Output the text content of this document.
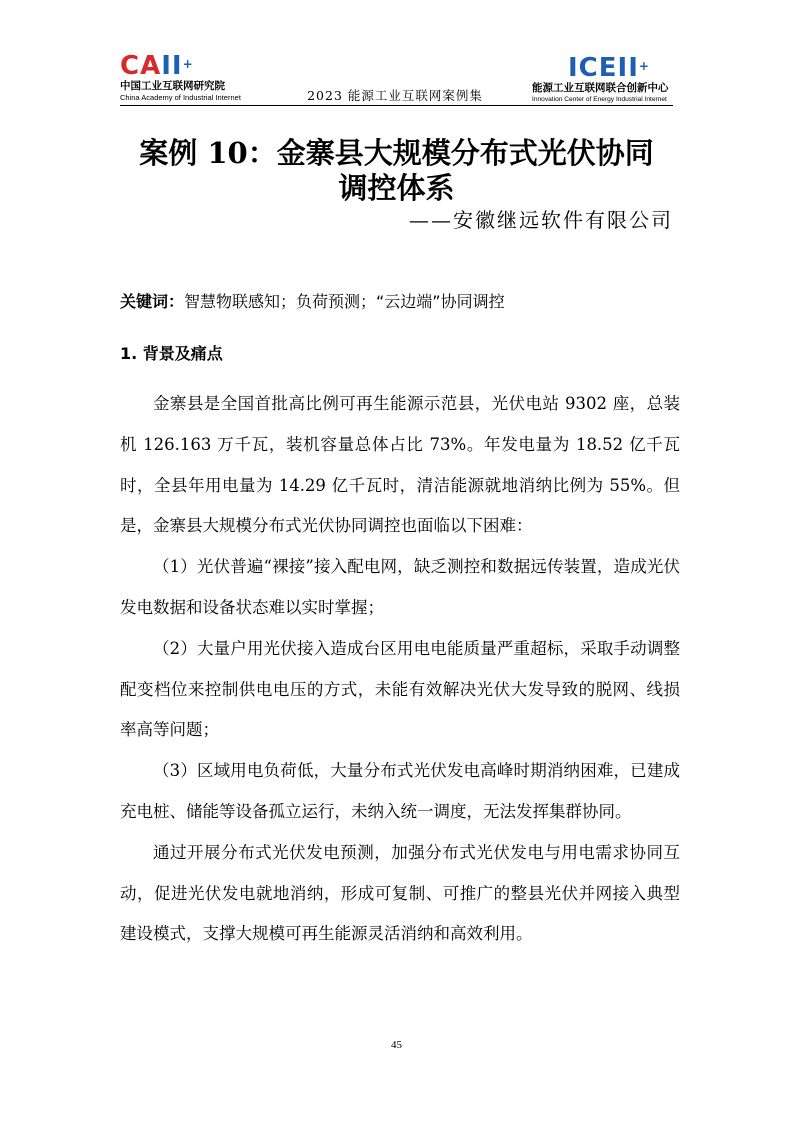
CAII+
中国工业互联网研究院
China Academy of Industrial Internet	2023 能源工业互联网案例集
ICEII+
能源工业互联网联合创新中心
Innovation Center of Energy Industrial Internet
案例 10：金寨县大规模分布式光伏协同
调控体系
——安徽继远软件有限公司
关键词：智慧物联感知；负荷预测；“云边端”协同调控
1. 背景及痛点

金寨县是全国首批高比例可再生能源示范县，光伏电站 9302 座，总装机 126.163 万千瓦，装机容量总体占比 73%。年发电量为 18.52 亿千瓦时，全县年用电量为 14.29 亿千瓦时，清洁能源就地消纳比例为 55%。但是，金寨县大规模分布式光伏协同调控也面临以下困难：

（1）光伏普遍“裸接”接入配电网，缺乏测控和数据远传装置，造成光伏发电数据和设备状态难以实时掌握；

（2）大量户用光伏接入造成台区用电电能质量严重超标，采取手动调整配变档位来控制供电电压的方式，未能有效解决光伏大发导致的脱网、线损率高等问题；

（3）区域用电负荷低，大量分布式光伏发电高峰时期消纳困难，已建成充电桩、储能等设备孤立运行，未纳入统一调度，无法发挥集群协同。

通过开展分布式光伏发电预测，加强分布式光伏发电与用电需求协同互动，促进光伏发电就地消纳，形成可复制、可推广的整县光伏并网接入典型建设模式，支撑大规模可再生能源灵活消纳和高效利用。

45
